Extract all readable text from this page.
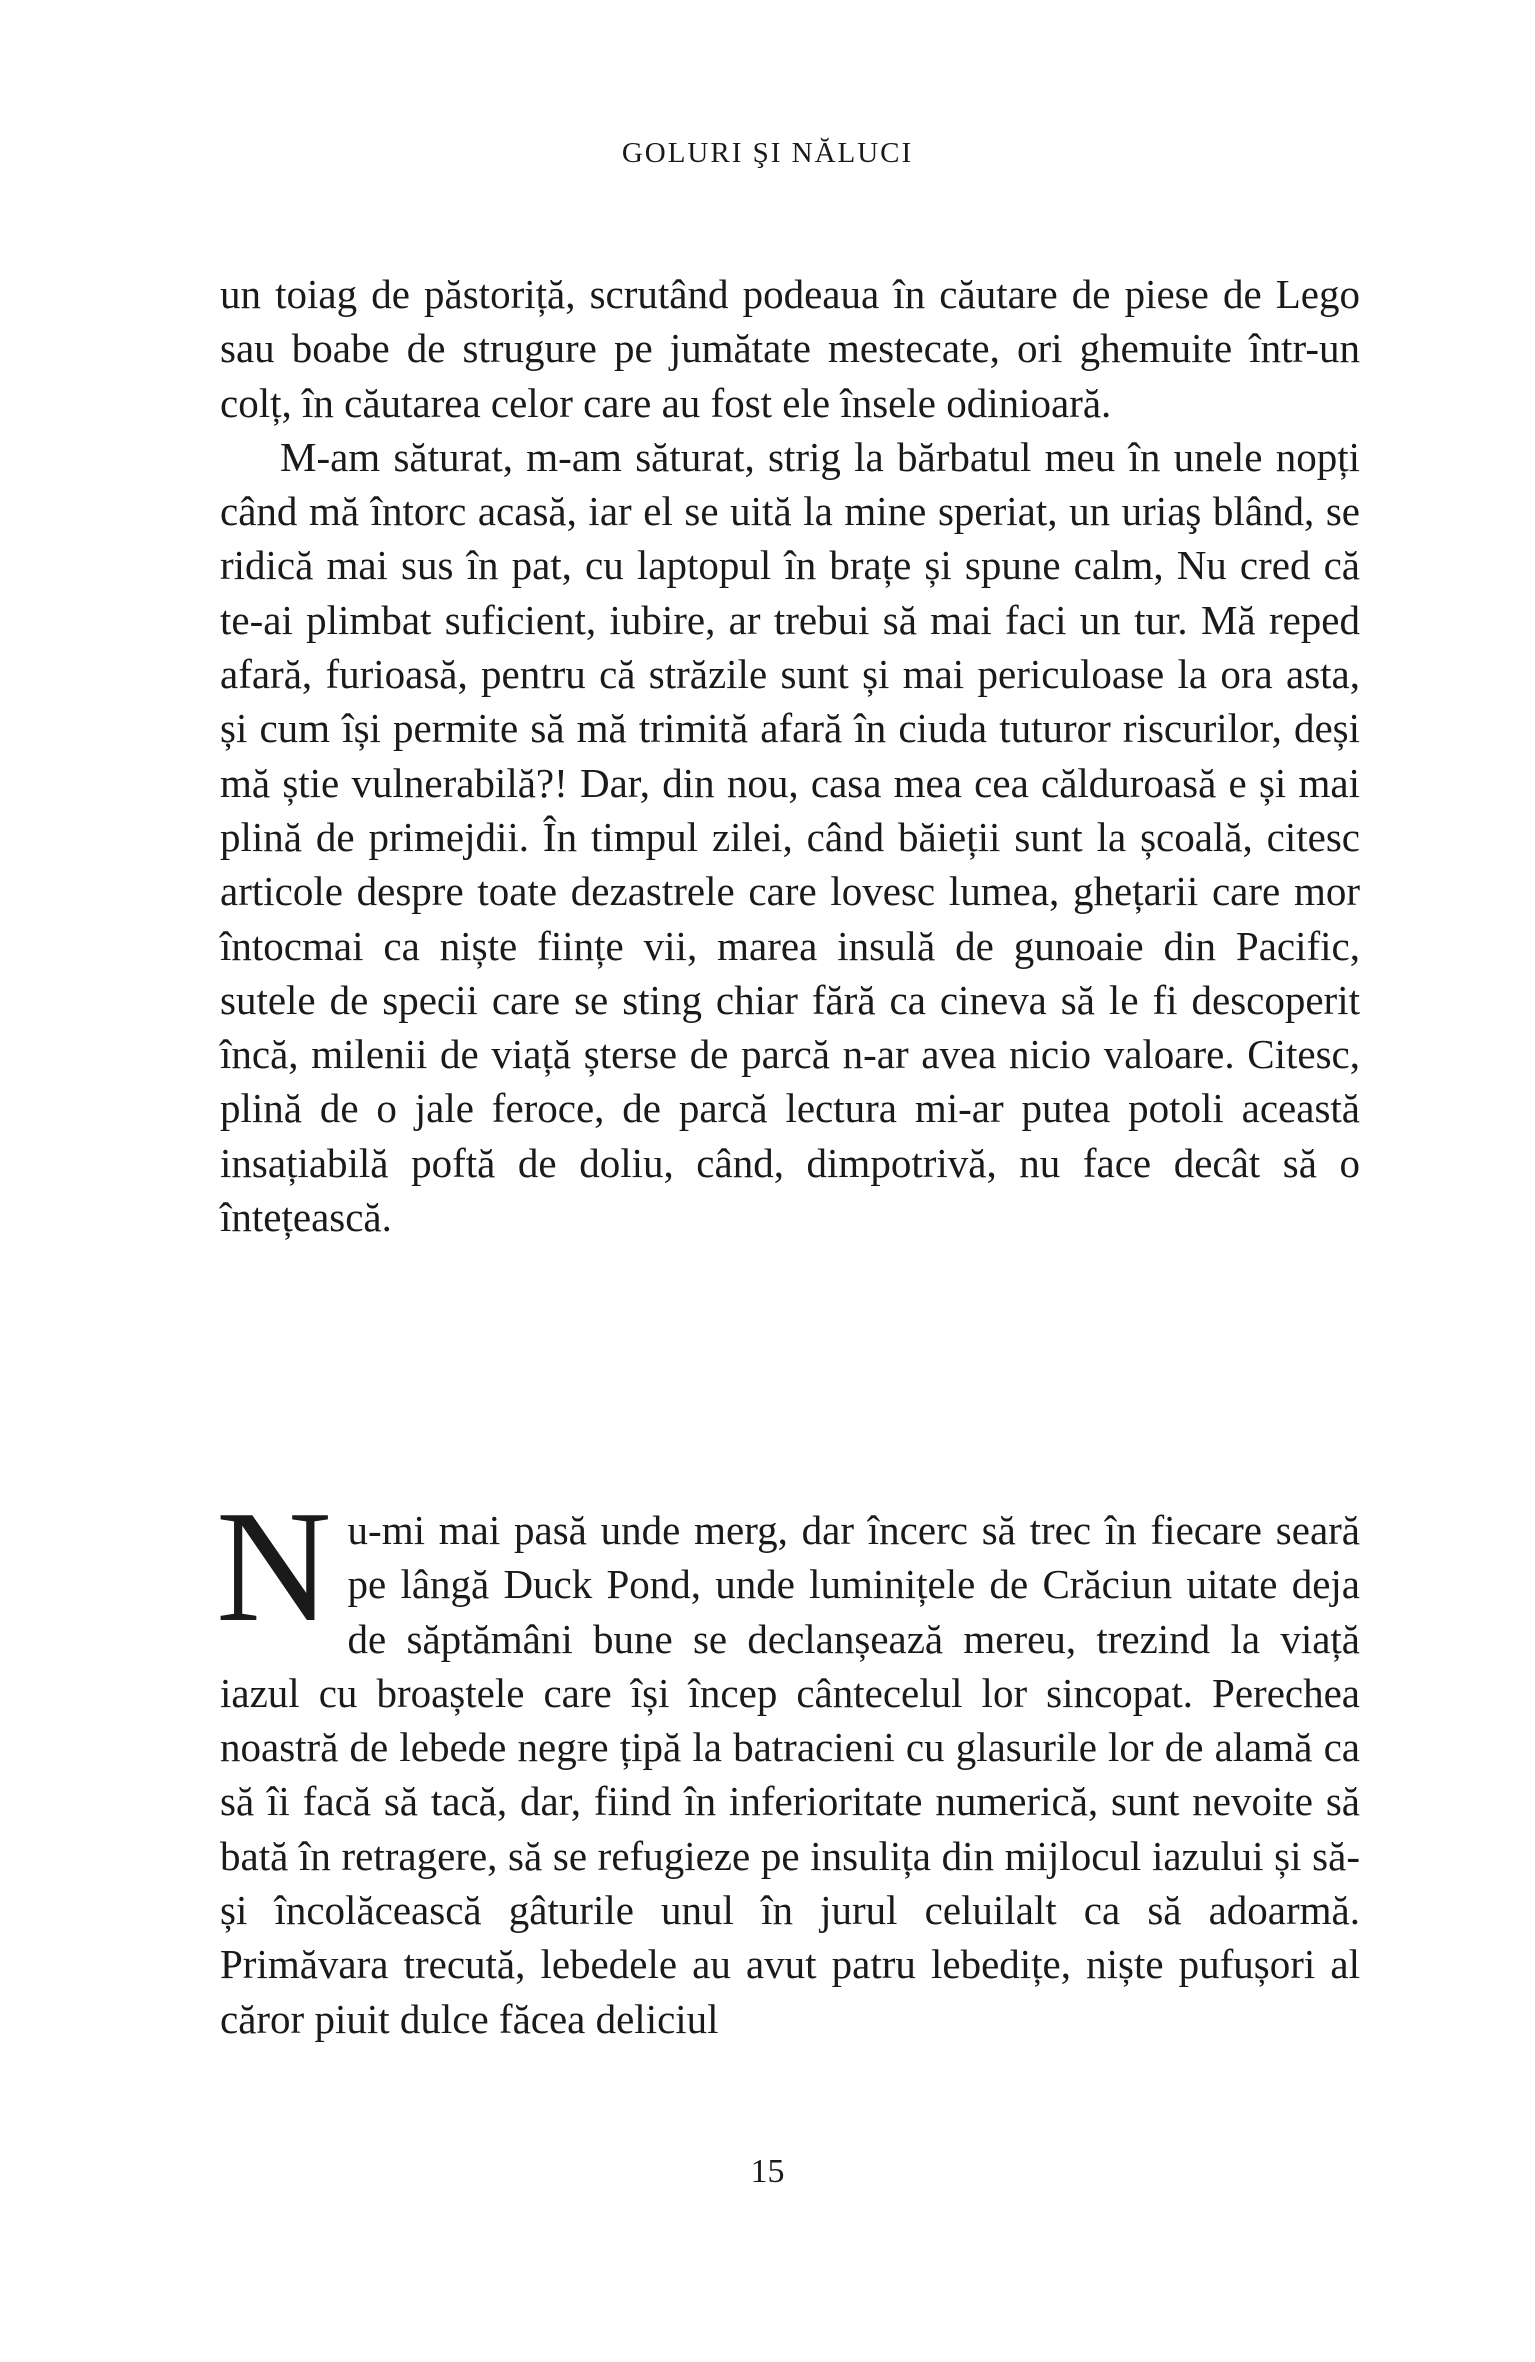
GOLURI ŞI NĂLUCI

un toiag de păstoriță, scrutând podeaua în căutare de piese de Lego sau boabe de strugure pe jumătate mestecate, ori ghemuite într-un colț, în căutarea celor care au fost ele însele odinioară.

M-am săturat, m-am săturat, strig la bărbatul meu în unele nopți când mă întorc acasă, iar el se uită la mine speriat, un uriaş blând, se ridică mai sus în pat, cu laptopul în brațe și spune calm, Nu cred că te-ai plimbat suficient, iubire, ar trebui să mai faci un tur. Mă reped afară, furioasă, pentru că străzile sunt și mai periculoase la ora asta, și cum își permite să mă trimită afară în ciuda tuturor riscurilor, deși mă știe vulnerabilă?! Dar, din nou, casa mea cea călduroasă e și mai plină de primejdii. În timpul zilei, când băieții sunt la școală, citesc articole despre toate dezastrele care lovesc lumea, ghețarii care mor întocmai ca niște ființe vii, marea insulă de gunoaie din Pacific, sutele de specii care se sting chiar fără ca cineva să le fi descoperit încă, milenii de viață șterse de parcă n-ar avea nicio valoare. Citesc, plină de o jale feroce, de parcă lectura mi-ar putea potoli această insațiabilă poftă de doliu, când, dimpotrivă, nu face decât să o întețească.

Nu-mi mai pasă unde merg, dar încerc să trec în fiecare seară pe lângă Duck Pond, unde luminițele de Crăciun uitate deja de săptămâni bune se declanșează mereu, trezind la viață iazul cu broaștele care își încep cântecelul lor sincopat. Perechea noastră de lebede negre țipă la batracieni cu glasurile lor de alamă ca să îi facă să tacă, dar, fiind în inferioritate numerică, sunt nevoite să bată în retragere, să se refugieze pe insulița din mijlocul iazului și să-și încolăcească gâturile unul în jurul celuilalt ca să adoarmă. Primăvara trecută, lebedele au avut patru lebedițe, niște pufușori al căror piuit dulce făcea deliciul

15
